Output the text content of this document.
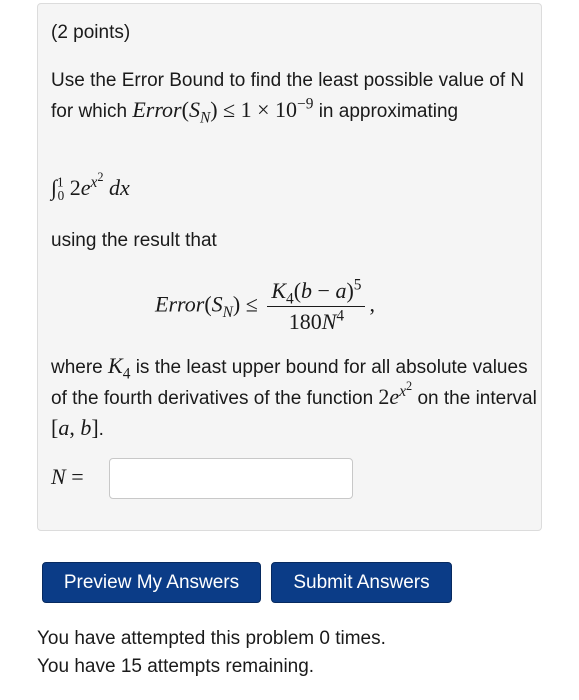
(2 points)
Use the Error Bound to find the least possible value of N for which $Error(S_N) \le 1 \times 10^{-9}$ in approximating
∫$^1_0$ $2e^{x^2}$ dx
using the result that
$Error(S_N) \le \frac{K_4(b - a)^5}{180N^4}$ ,
where $K_4$ is the least upper bound for all absolute values of the fourth derivatives of the function $2e^{x^2}$ on the interval [a, b].
N =
Preview My Answers	Submit Answers
You have attempted this problem 0 times.
You have 15 attempts remaining.
